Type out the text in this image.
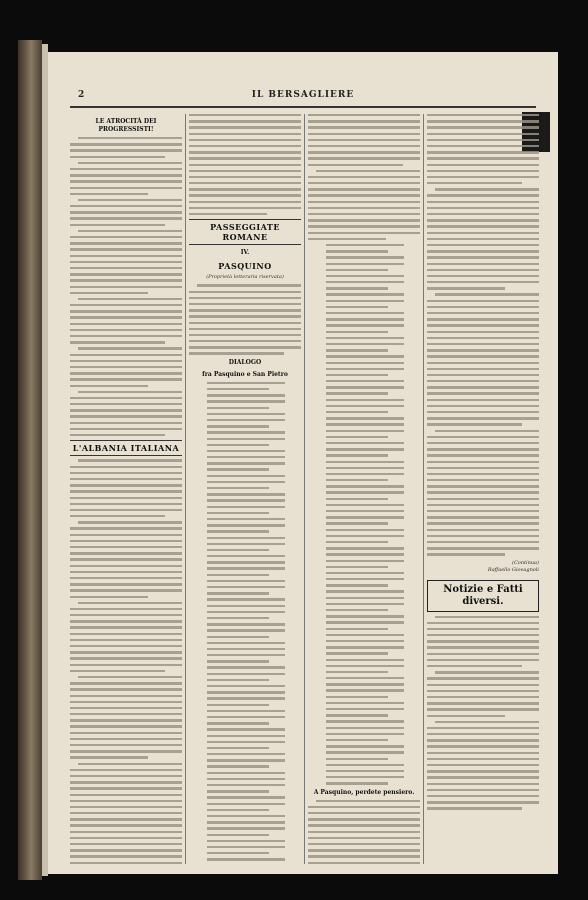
2	IL BERSAGLIERE
LE ATROCITÀ DEI PROGRESSISTI!
L'ALBANIA ITALIANA
PASSEGGIATE ROMANE
IV.
PASQUINO
(Proprietà letteraria riservata)
DIALOGO
fra Pasquino e San Pietro
A Pasquino, perdete pensiero.
(Continua)
Raffaello Giovagnoli
Notizie e Fatti diversi.
